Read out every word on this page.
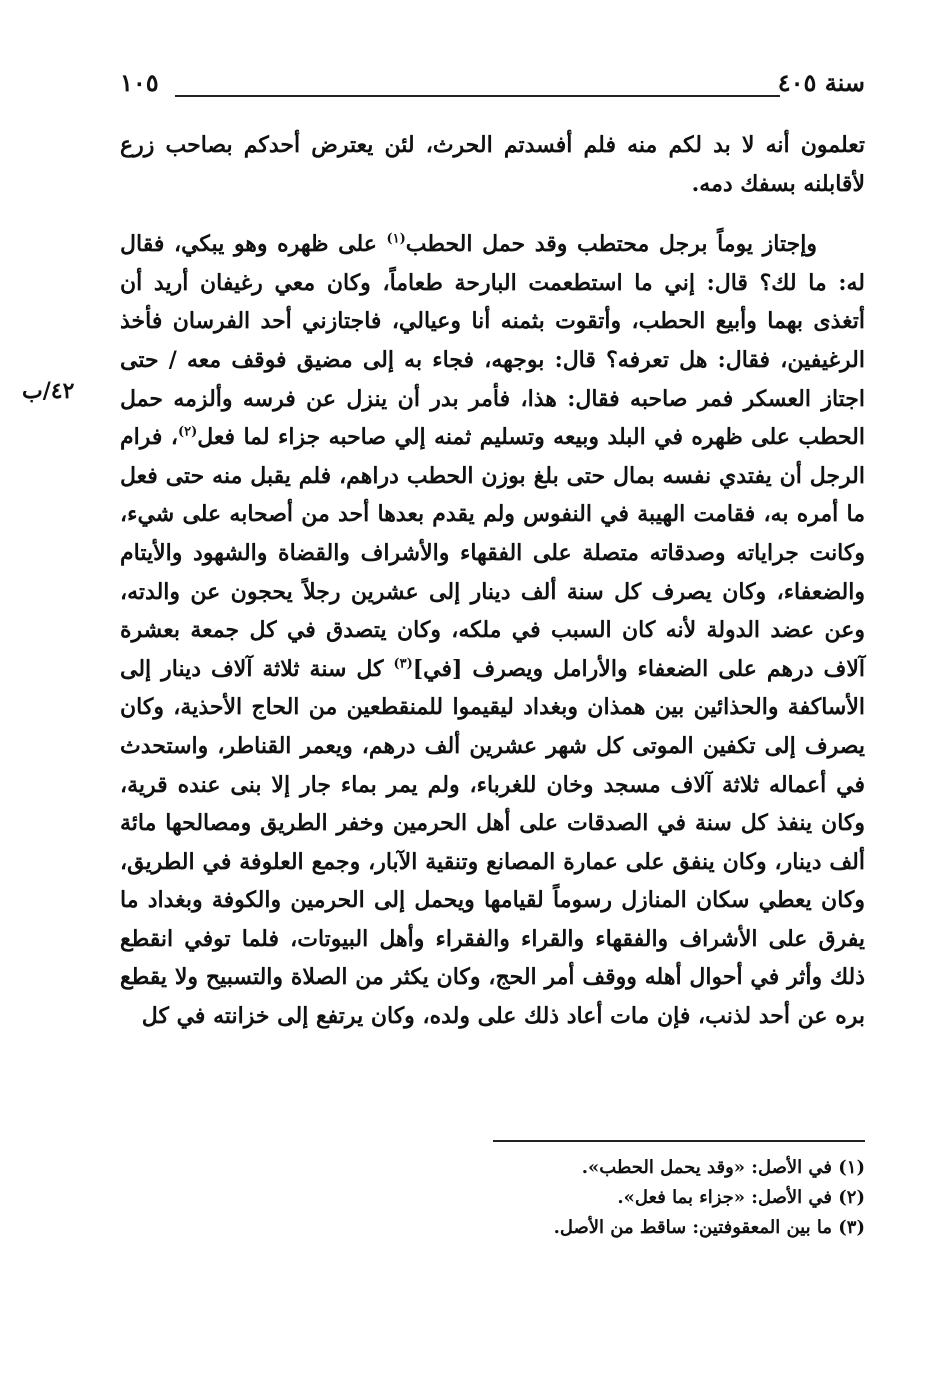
١٠٥	سنة ٤٠٥
٤٢/ب

تعلمون أنه لا بد لكم منه فلم أفسدتم الحرث، لئن يعترض أحدكم بصاحب زرع لأقابلنه بسفك دمه.

وإجتاز يوماً برجل محتطب وقد حمل الحطب$^{(١)}$ على ظهره وهو يبكي، فقال له: ما لك؟ قال: إني ما استطعمت البارحة طعاماً، وكان معي رغيفان أريد أن أتغذى بهما وأبيع الحطب، وأتقوت بثمنه أنا وعيالي، فاجتازني أحد الفرسان فأخذ الرغيفين، فقال: هل تعرفه؟ قال: بوجهه، فجاء به إلى مضيق فوقف معه / حتى اجتاز العسكر فمر صاحبه فقال: هذا، فأمر بدر أن ينزل عن فرسه وألزمه حمل الحطب على ظهره في البلد وبيعه وتسليم ثمنه إلي صاحبه جزاء لما فعل$^{(٢)}$، فرام الرجل أن يفتدي نفسه بمال حتى بلغ بوزن الحطب دراهم، فلم يقبل منه حتى فعل ما أمره به، فقامت الهيبة في النفوس ولم يقدم بعدها أحد من أصحابه على شيء، وكانت جراياته وصدقاته متصلة على الفقهاء والأشراف والقضاة والشهود والأيتام والضعفاء، وكان يصرف كل سنة ألف دينار إلى عشرين رجلاً يحجون عن والدته، وعن عضد الدولة لأنه كان السبب في ملكه، وكان يتصدق في كل جمعة بعشرة آلاف درهم على الضعفاء والأرامل ويصرف [في]$^{(٣)}$ كل سنة ثلاثة آلاف دينار إلى الأساكفة والحذائين بين همذان وبغداد ليقيموا للمنقطعين من الحاج الأحذية، وكان يصرف إلى تكفين الموتى كل شهر عشرين ألف درهم، ويعمر القناطر، واستحدث في أعماله ثلاثة آلاف مسجد وخان للغرباء، ولم يمر بماء جار إلا بنى عنده قرية، وكان ينفذ كل سنة في الصدقات على أهل الحرمين وخفر الطريق ومصالحها مائة ألف دينار، وكان ينفق على عمارة المصانع وتنقية الآبار، وجمع العلوفة في الطريق، وكان يعطي سكان المنازل رسوماً لقيامها ويحمل إلى الحرمين والكوفة وبغداد ما يفرق على الأشراف والفقهاء والقراء والفقراء وأهل البيوتات، فلما توفي انقطع ذلك وأثر في أحوال أهله ووقف أمر الحج، وكان يكثر من الصلاة والتسبيح ولا يقطع بره عن أحد لذنب، فإن مات أعاد ذلك على ولده، وكان يرتفع إلى خزانته في كل

(١) في الأصل: «وقد يحمل الحطب».

(٢) في الأصل: «جزاء بما فعل».

(٣) ما بين المعقوفتين: ساقط من الأصل.
